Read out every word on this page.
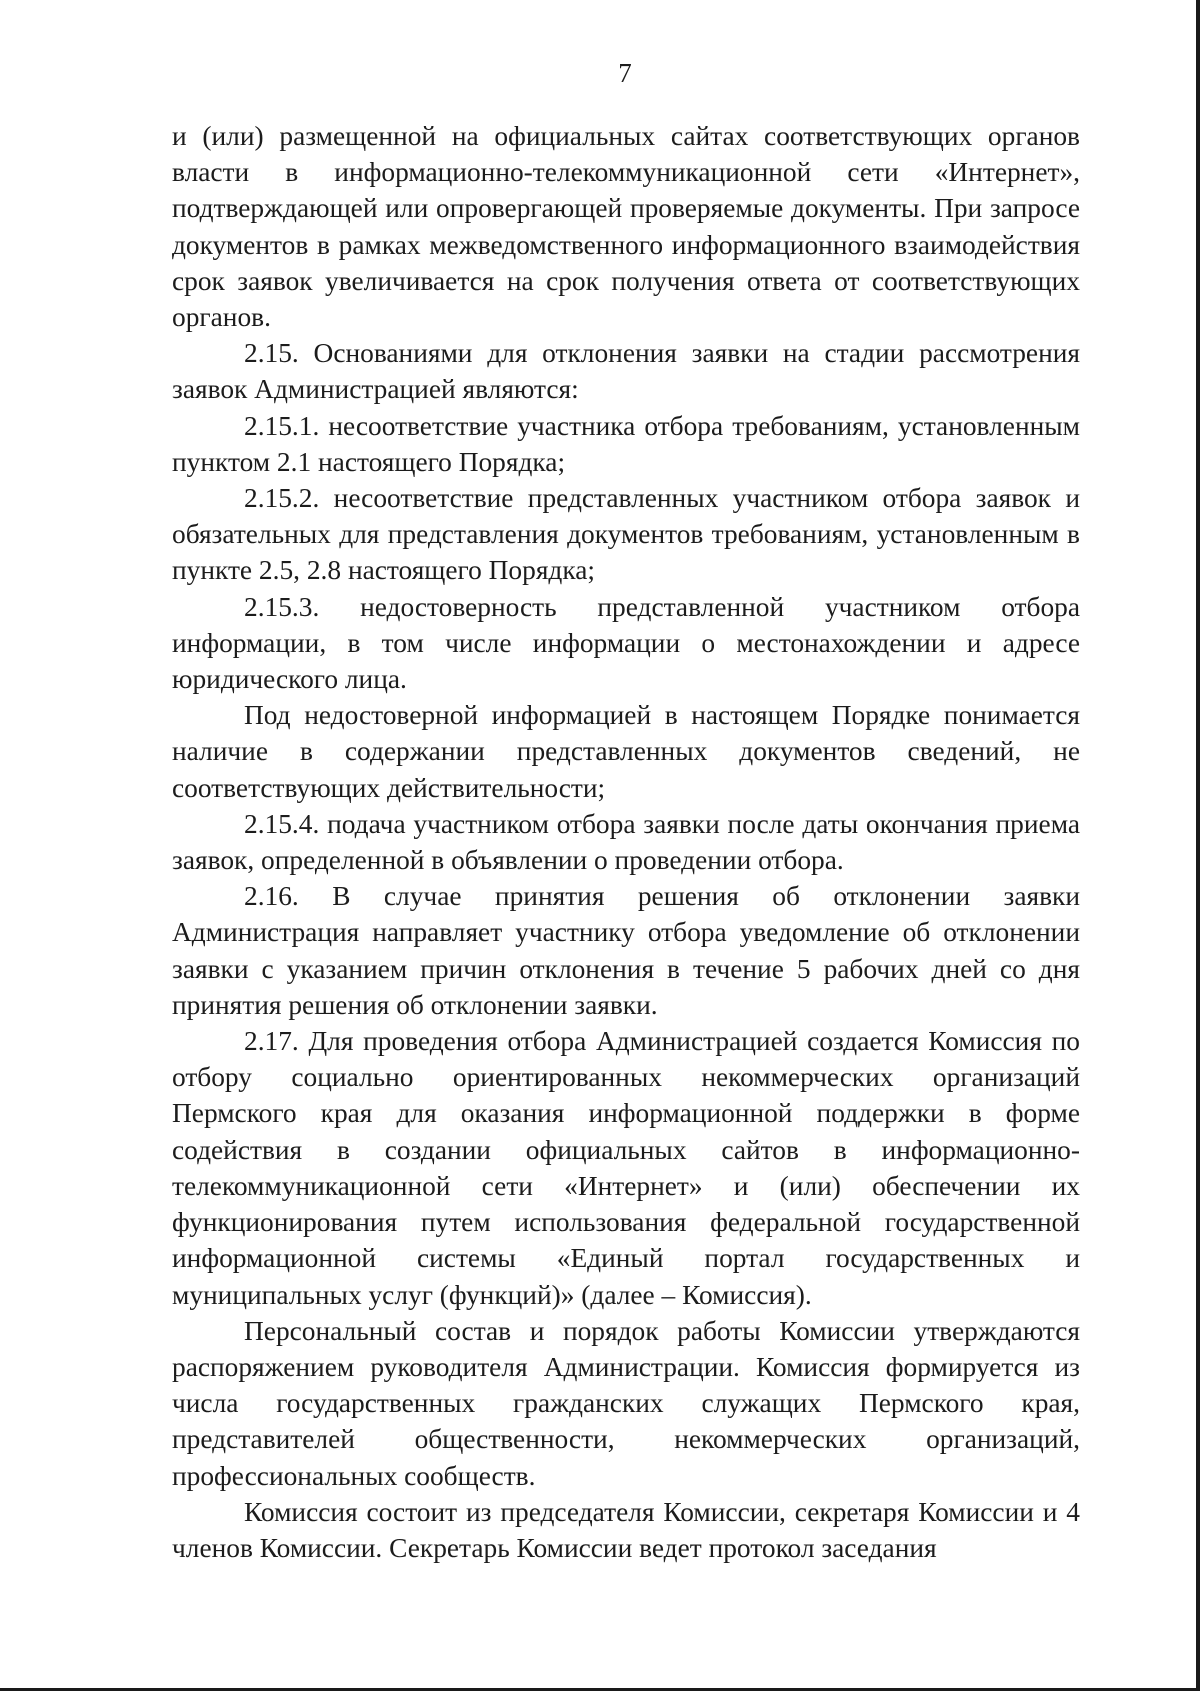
7

и (или) размещенной на официальных сайтах соответствующих органов власти в информационно-телекоммуникационной сети «Интернет», подтверждающей или опровергающей проверяемые документы. При запросе документов в рамках межведомственного информационного взаимодействия срок заявок увеличивается на срок получения ответа от соответствующих органов.

2.15. Основаниями для отклонения заявки на стадии рассмотрения заявок Администрацией являются:

2.15.1. несоответствие участника отбора требованиям, установленным пунктом 2.1 настоящего Порядка;

2.15.2. несоответствие представленных участником отбора заявок и обязательных для представления документов требованиям, установленным в пункте 2.5, 2.8 настоящего Порядка;

2.15.3. недостоверность представленной участником отбора информации, в том числе информации о местонахождении и адресе юридического лица.

Под недостоверной информацией в настоящем Порядке понимается наличие в содержании представленных документов сведений, не соответствующих действительности;

2.15.4. подача участником отбора заявки после даты окончания приема заявок, определенной в объявлении о проведении отбора.

2.16. В случае принятия решения об отклонении заявки Администрация направляет участнику отбора уведомление об отклонении заявки с указанием причин отклонения в течение 5 рабочих дней со дня принятия решения об отклонении заявки.

2.17. Для проведения отбора Администрацией создается Комиссия по отбору социально ориентированных некоммерческих организаций Пермского края для оказания информационной поддержки в форме содействия в создании официальных сайтов в информационно-телекоммуникационной сети «Интернет» и (или) обеспечении их функционирования путем использования федеральной государственной информационной системы «Единый портал государственных и муниципальных услуг (функций)» (далее – Комиссия).

Персональный состав и порядок работы Комиссии утверждаются распоряжением руководителя Администрации. Комиссия формируется из числа государственных гражданских служащих Пермского края, представителей общественности, некоммерческих организаций, профессиональных сообществ.

Комиссия состоит из председателя Комиссии, секретаря Комиссии и 4 членов Комиссии. Секретарь Комиссии ведет протокол заседания
